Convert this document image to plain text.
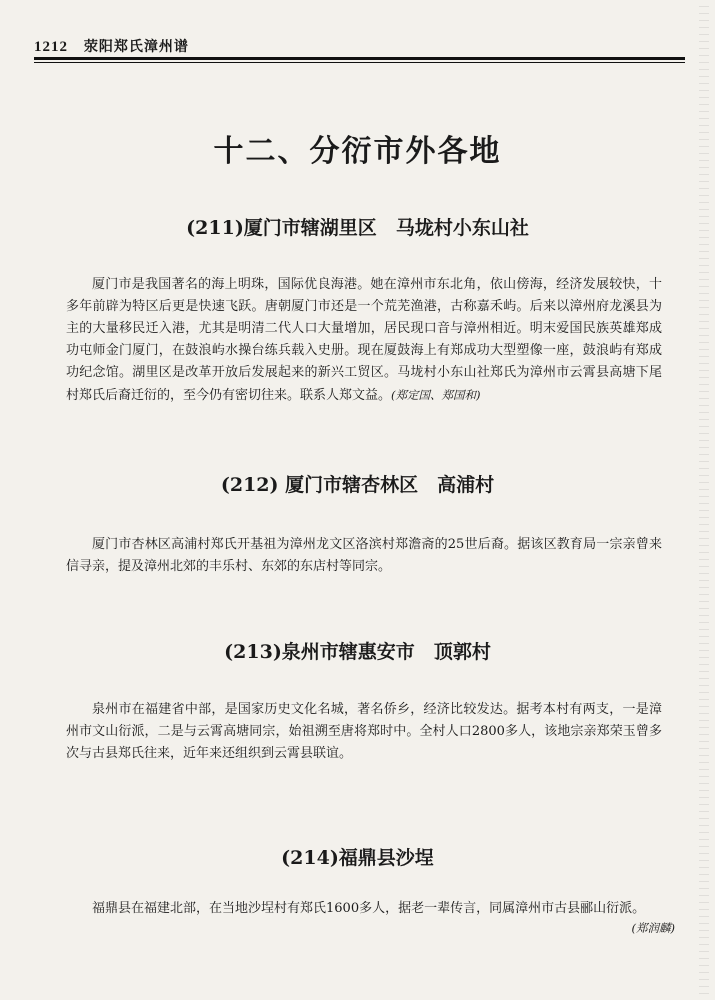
1212 荥阳郑氏漳州谱
十二、分衍市外各地
(211)厦门市辖湖里区　马垅村小东山社

厦门市是我国著名的海上明珠，国际优良海港。她在漳州市东北角，依山傍海，经济发展较快，十多年前辟为特区后更是快速飞跃。唐朝厦门市还是一个荒芜渔港，古称嘉禾屿。后来以漳州府龙溪县为主的大量移民迁入港，尤其是明清二代人口大量增加，居民现口音与漳州相近。明末爱国民族英雄郑成功屯师金门厦门，在鼓浪屿水操台练兵载入史册。现在厦鼓海上有郑成功大型塑像一座，鼓浪屿有郑成功纪念馆。湖里区是改革开放后发展起来的新兴工贸区。马垅村小东山社郑氏为漳州市云霄县高塘下尾村郑氏后裔迁衍的，至今仍有密切往来。联系人郑文益。(郑定国、郑国和)

(212) 厦门市辖杏林区　高浦村

厦门市杏林区高浦村郑氏开基祖为漳州龙文区洛滨村郑澹斋的25世后裔。据该区教育局一宗亲曾来信寻亲，提及漳州北郊的丰乐村、东郊的东店村等同宗。

(213)泉州市辖惠安市　顶郭村

泉州市在福建省中部，是国家历史文化名城，著名侨乡，经济比较发达。据考本村有两支，一是漳州市文山衍派，二是与云霄高塘同宗，始祖溯至唐将郑时中。全村人口2800多人，该地宗亲郑荣玉曾多次与古县郑氏往来，近年来还组织到云霄县联谊。

(214)福鼎县沙埕

福鼎县在福建北部，在当地沙埕村有郑氏1600多人，据老一辈传言，同属漳州市古县郦山衍派。

(郑润麟)
